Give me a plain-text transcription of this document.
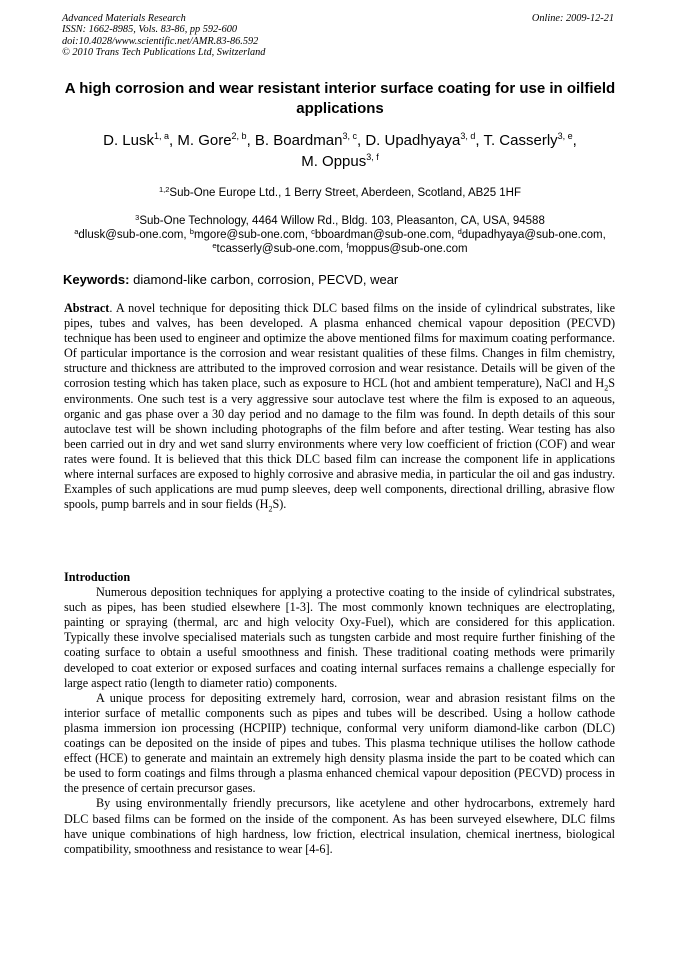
Advanced Materials Research
ISSN: 1662-8985, Vols. 83-86, pp 592-600
doi:10.4028/www.scientific.net/AMR.83-86.592
© 2010 Trans Tech Publications Ltd, Switzerland
Online: 2009-12-21
A high corrosion and wear resistant interior surface coating for use in oilfield applications
D. Lusk$^{1, a}$, M. Gore$^{2, b}$, B. Boardman$^{3, c}$, D. Upadhyaya$^{3, d}$, T. Casserly$^{3, e}$,
M. Oppus$^{3, f}$
$^{1,2}$Sub-One Europe Ltd., 1 Berry Street, Aberdeen, Scotland, AB25 1HF
$^3$Sub-One Technology, 4464 Willow Rd., Bldg. 103, Pleasanton, CA, USA, 94588
$^a$dlusk@sub-one.com, $^b$mgore@sub-one.com, $^c$bboardman@sub-one.com, $^d$dupadhyaya@sub-one.com, $^e$tcasserly@sub-one.com, $^f$moppus@sub-one.com
Keywords: diamond-like carbon, corrosion, PECVD, wear
Abstract. A novel technique for depositing thick DLC based films on the inside of cylindrical substrates, like pipes, tubes and valves, has been developed. A plasma enhanced chemical vapour deposition (PECVD) technique has been used to engineer and optimize the above mentioned films for maximum coating performance. Of particular importance is the corrosion and wear resistant qualities of these films. Changes in film chemistry, structure and thickness are attributed to the improved corrosion and wear resistance. Details will be given of the corrosion testing which has taken place, such as exposure to HCL (hot and ambient temperature), NaCl and $H_2S$ environments. One such test is a very aggressive sour autoclave test where the film is exposed to an aqueous, organic and gas phase over a 30 day period and no damage to the film was found. In depth details of this sour autoclave test will be shown including photographs of the film before and after testing. Wear testing has also been carried out in dry and wet sand slurry environments where very low coefficient of friction (COF) and wear rates were found. It is believed that this thick DLC based film can increase the component life in applications where internal surfaces are exposed to highly corrosive and abrasive media, in particular the oil and gas industry. Examples of such applications are mud pump sleeves, deep well components, directional drilling, abrasive flow spools, pump barrels and in sour fields $(H_2S)$.
Introduction

Numerous deposition techniques for applying a protective coating to the inside of cylindrical substrates, such as pipes, has been studied elsewhere [1-3]. The most commonly known techniques are electroplating, painting or spraying (thermal, arc and high velocity Oxy-Fuel), which are considered for this application. Typically these involve specialised materials such as tungsten carbide and most require further finishing of the coating surface to obtain a useful smoothness and finish. These traditional coating methods were primarily developed to coat exterior or exposed surfaces and coating internal surfaces remains a challenge especially for large aspect ratio (length to diameter ratio) components.

A unique process for depositing extremely hard, corrosion, wear and abrasion resistant films on the interior surface of metallic components such as pipes and tubes will be described. Using a hollow cathode plasma immersion ion processing (HCPIIP) technique, conformal very uniform diamond-like carbon (DLC) coatings can be deposited on the inside of pipes and tubes. This plasma technique utilises the hollow cathode effect (HCE) to generate and maintain an extremely high density plasma inside the part to be coated which can be used to form coatings and films through a plasma enhanced chemical vapour deposition (PECVD) process in the presence of certain precursor gases.

By using environmentally friendly precursors, like acetylene and other hydrocarbons, extremely hard DLC based films can be formed on the inside of the component. As has been surveyed elsewhere, DLC films have unique combinations of high hardness, low friction, electrical insulation, chemical inertness, biological compatibility, smoothness and resistance to wear [4-6].
